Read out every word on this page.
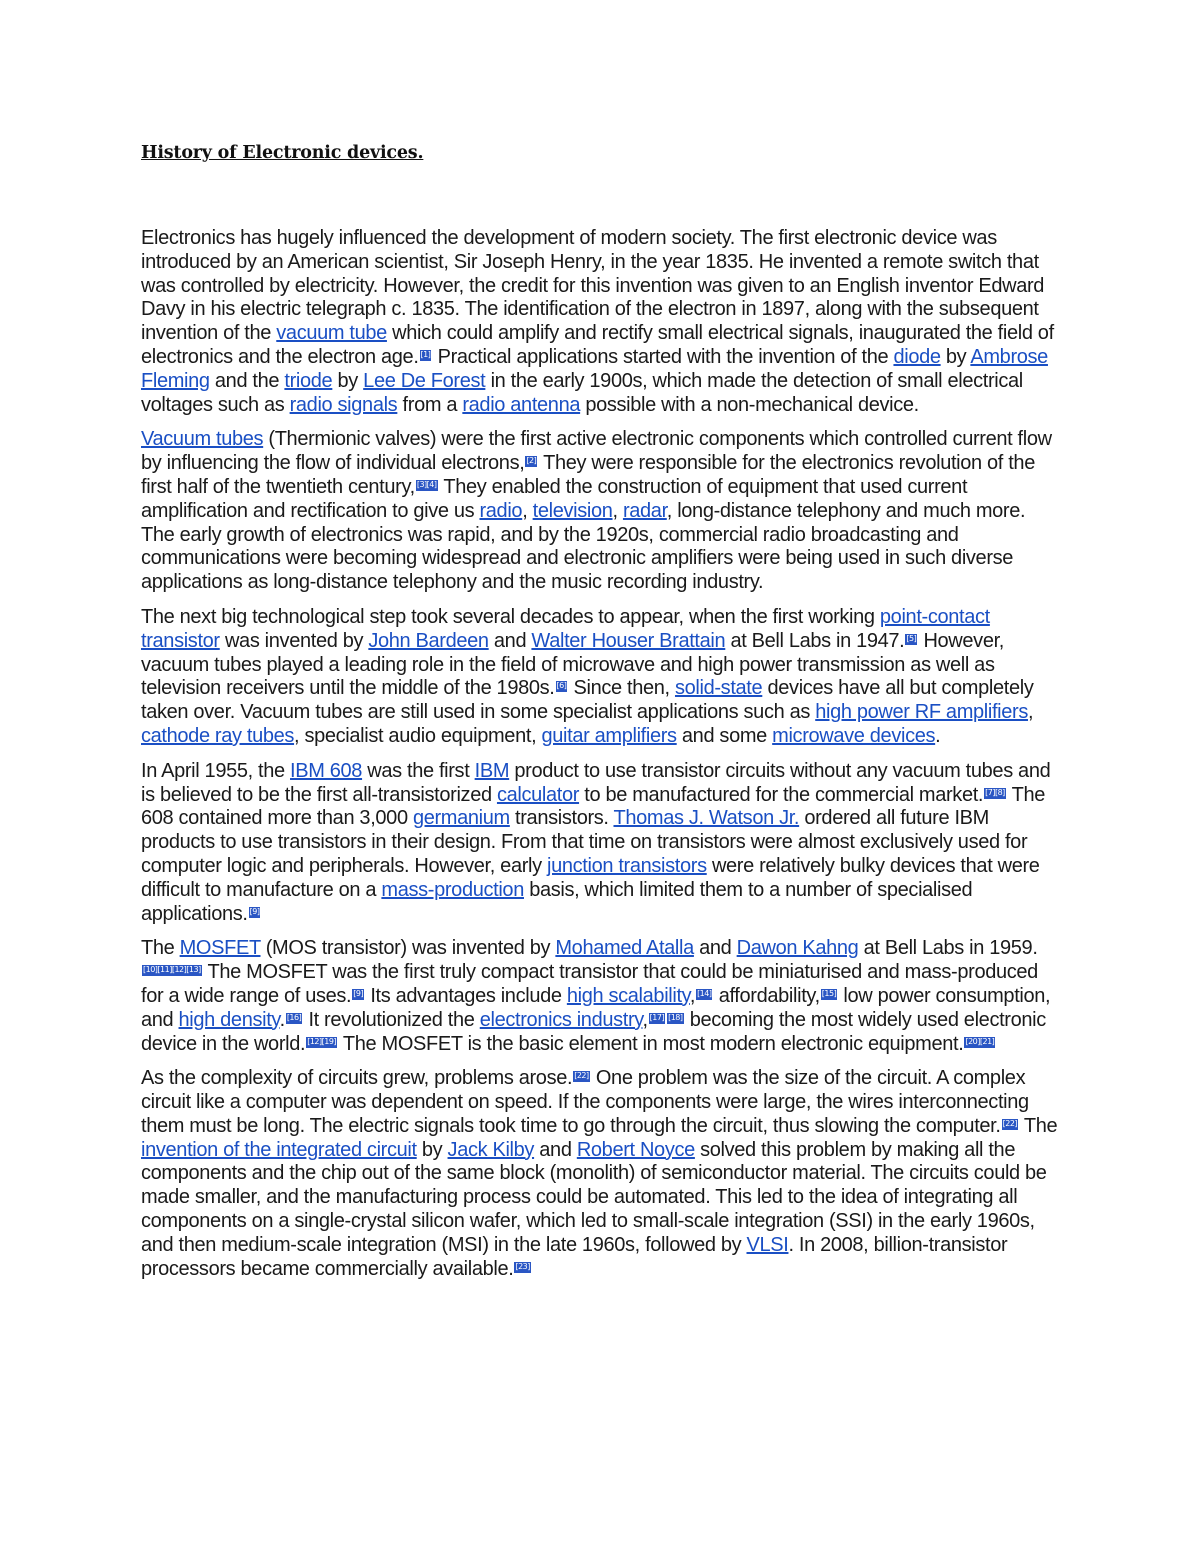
History of Electronic devices.

Electronics has hugely influenced the development of modern society. The first electronic device was introduced by an American scientist, Sir Joseph Henry, in the year 1835. He invented a remote switch that was controlled by electricity. However, the credit for this invention was given to an English inventor Edward Davy in his electric telegraph c. 1835. The identification of the electron in 1897, along with the subsequent invention of the vacuum tube which could amplify and rectify small electrical signals, inaugurated the field of electronics and the electron age. [1] Practical applications started with the invention of the diode by Ambrose Fleming and the triode by Lee De Forest in the early 1900s, which made the detection of small electrical voltages such as radio signals from a radio antenna possible with a non-mechanical device.

Vacuum tubes (Thermionic valves) were the first active electronic components which controlled current flow by influencing the flow of individual electrons, [2] They were responsible for the electronics revolution of the first half of the twentieth century, [3][4] They enabled the construction of equipment that used current amplification and rectification to give us radio, television, radar, long-distance telephony and much more. The early growth of electronics was rapid, and by the 1920s, commercial radio broadcasting and communications were becoming widespread and electronic amplifiers were being used in such diverse applications as long-distance telephony and the music recording industry.

The next big technological step took several decades to appear, when the first working point-contact transistor was invented by John Bardeen and Walter Houser Brattain at Bell Labs in 1947. [5] However, vacuum tubes played a leading role in the field of microwave and high power transmission as well as television receivers until the middle of the 1980s. [6] Since then, solid-state devices have all but completely taken over. Vacuum tubes are still used in some specialist applications such as high power RF amplifiers, cathode ray tubes, specialist audio equipment, guitar amplifiers and some microwave devices.

In April 1955, the IBM 608 was the first IBM product to use transistor circuits without any vacuum tubes and is believed to be the first all-transistorized calculator to be manufactured for the commercial market. [7][8] The 608 contained more than 3,000 germanium transistors. Thomas J. Watson Jr. ordered all future IBM products to use transistors in their design. From that time on transistors were almost exclusively used for computer logic and peripherals. However, early junction transistors were relatively bulky devices that were difficult to manufacture on a mass-production basis, which limited them to a number of specialised applications. [9]

The MOSFET (MOS transistor) was invented by Mohamed Atalla and Dawon Kahng at Bell Labs in 1959.[10][11][12][13] The MOSFET was the first truly compact transistor that could be miniaturised and mass-produced for a wide range of uses. [9] Its advantages include high scalability, [14] affordability, [15] low power consumption, and high density. [16] It revolutionized the electronics industry, [17] [18] becoming the most widely used electronic device in the world. [12][19] The MOSFET is the basic element in most modern electronic equipment. [20][21]

As the complexity of circuits grew, problems arose. [22] One problem was the size of the circuit. A complex circuit like a computer was dependent on speed. If the components were large, the wires interconnecting them must be long. The electric signals took time to go through the circuit, thus slowing the computer. [22] The invention of the integrated circuit by Jack Kilby and Robert Noyce solved this problem by making all the components and the chip out of the same block (monolith) of semiconductor material. The circuits could be made smaller, and the manufacturing process could be automated. This led to the idea of integrating all components on a single-crystal silicon wafer, which led to small-scale integration (SSI) in the early 1960s, and then medium-scale integration (MSI) in the late 1960s, followed by VLSI. In 2008, billion-transistor processors became commercially available. [23]
